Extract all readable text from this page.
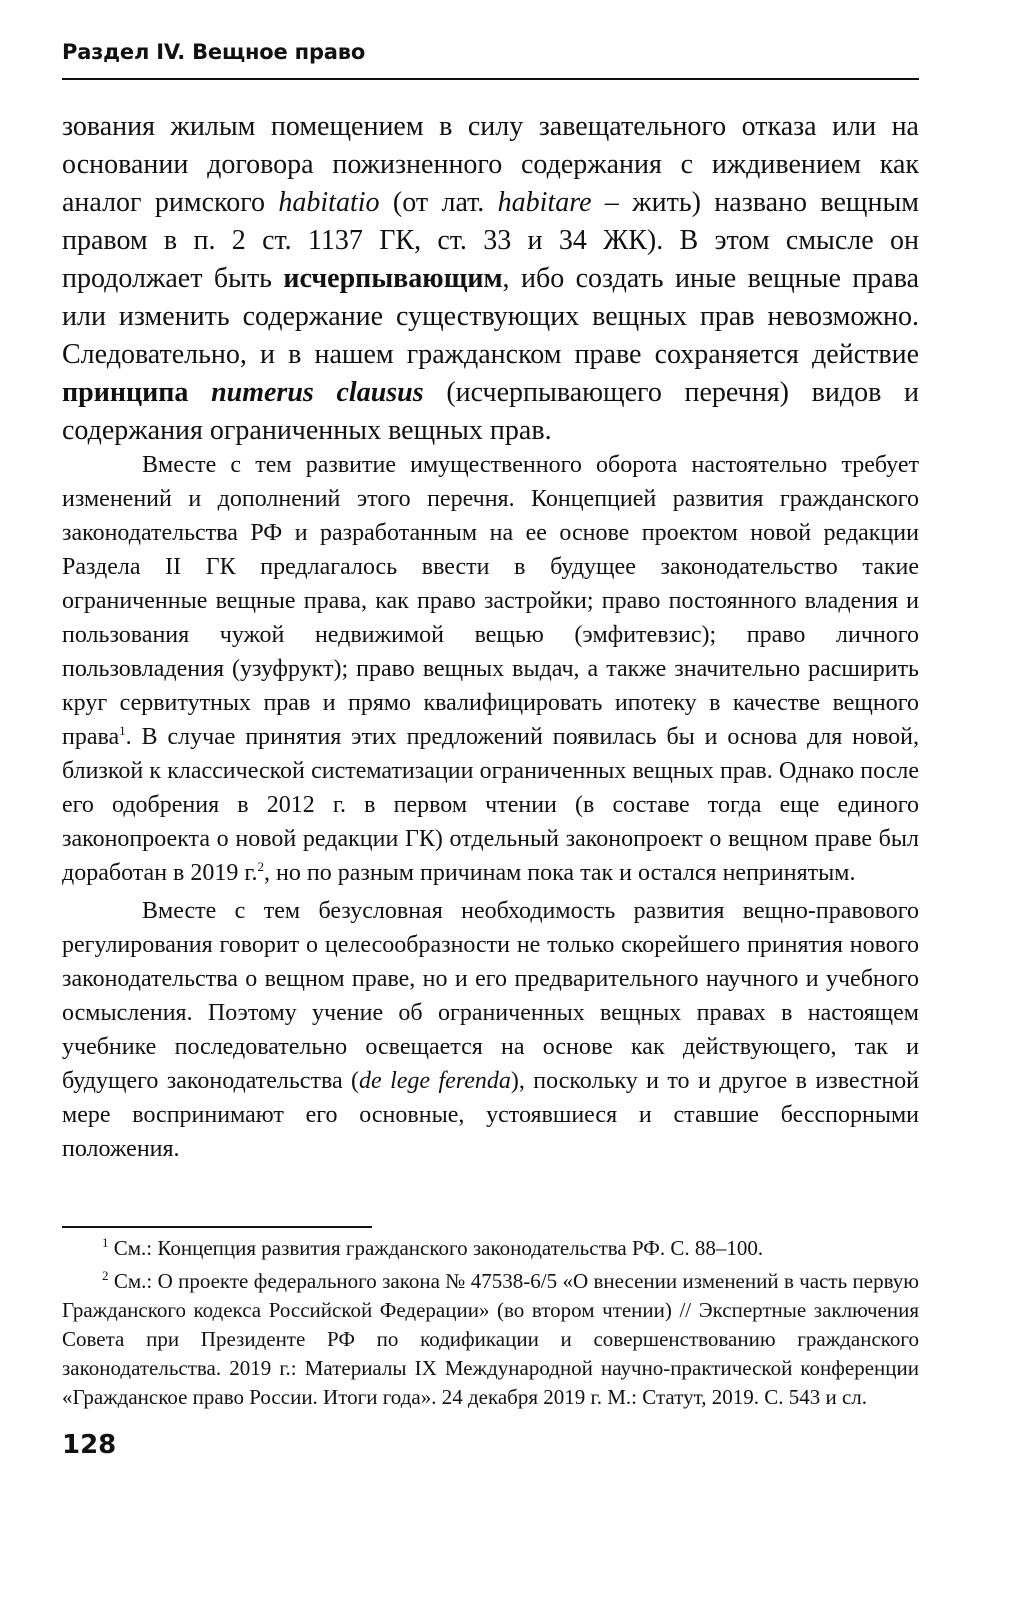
Раздел IV. Вещное право

зования жилым помещением в силу завещательного отказа или на основании договора пожизненного содержания с иждивением как аналог римского habitatio (от лат. habitare – жить) названо вещным правом в п. 2 ст. 1137 ГК, ст. 33 и 34 ЖК). В этом смысле он продолжает быть исчерпывающим, ибо создать иные вещные права или изменить содержание существующих вещных прав невозможно. Следовательно, и в нашем гражданском праве сохраняется действие принципа numerus clausus (исчерпывающего перечня) видов и содержания ограниченных вещных прав.

Вместе с тем развитие имущественного оборота настоятельно требует изменений и дополнений этого перечня. Концепцией развития гражданского законодательства РФ и разработанным на ее основе проектом новой редакции Раздела II ГК предлагалось ввести в будущее законодательство такие ограниченные вещные права, как право застройки; право постоянного владения и пользования чужой недвижимой вещью (эмфитевзис); право личного пользовладения (узуфрукт); право вещных выдач, а также значительно расширить круг сервитутных прав и прямо квалифицировать ипотеку в качестве вещного права$^1$. В случае принятия этих предложений появилась бы и основа для новой, близкой к классической систематизации ограниченных вещных прав. Однако после его одобрения в 2012 г. в первом чтении (в составе тогда еще единого законопроекта о новой редакции ГК) отдельный законопроект о вещном праве был доработан в 2019 г.$^2$, но по разным причинам пока так и остался непринятым.

Вместе с тем безусловная необходимость развития вещно-правового регулирования говорит о целесообразности не только скорейшего принятия нового законодательства о вещном праве, но и его предварительного научного и учебного осмысления. Поэтому учение об ограниченных вещных правах в настоящем учебнике последовательно освещается на основе как действующего, так и будущего законодательства (de lege ferenda), поскольку и то и другое в известной мере воспринимают его основные, устоявшиеся и ставшие бесспорными положения.

$^1$ См.: Концепция развития гражданского законодательства РФ. С. 88–100.

$^2$ См.: О проекте федерального закона № 47538-6/5 «О внесении изменений в часть первую Гражданского кодекса Российской Федерации» (во втором чтении) // Экспертные заключения Совета при Президенте РФ по кодификации и совершенствованию гражданского законодательства. 2019 г.: Материалы IX Международной научно-практической конференции «Гражданское право России. Итоги года». 24 декабря 2019 г. М.: Статут, 2019. С. 543 и сл.

128
